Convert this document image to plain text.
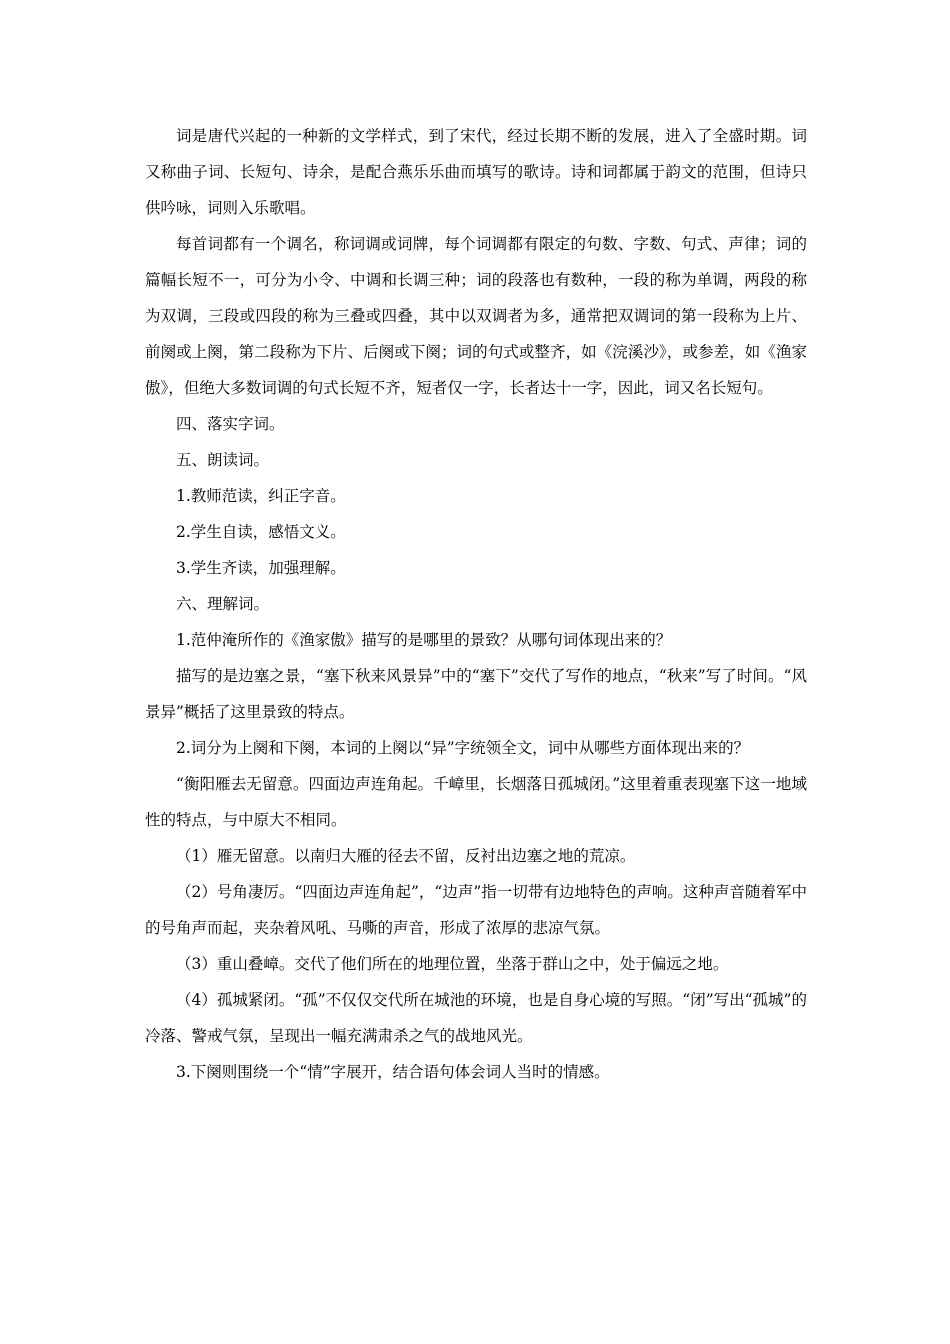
词是唐代兴起的一种新的文学样式，到了宋代，经过长期不断的发展，进入了全盛时期。词又称曲子词、长短句、诗余，是配合燕乐乐曲而填写的歌诗。诗和词都属于韵文的范围，但诗只供吟咏，词则入乐歌唱。

每首词都有一个调名，称词调或词牌，每个词调都有限定的句数、字数、句式、声律；词的篇幅长短不一，可分为小令、中调和长调三种；词的段落也有数种，一段的称为单调，两段的称为双调，三段或四段的称为三叠或四叠，其中以双调者为多，通常把双调词的第一段称为上片、前阕或上阕，第二段称为下片、后阕或下阕；词的句式或整齐，如《浣溪沙》，或参差，如《渔家傲》，但绝大多数词调的句式长短不齐，短者仅一字，长者达十一字，因此，词又名长短句。

四、落实字词。

五、朗读词。

1.教师范读，纠正字音。

2.学生自读，感悟文义。

3.学生齐读，加强理解。

六、理解词。

1.范仲淹所作的《渔家傲》描写的是哪里的景致？从哪句词体现出来的？

描写的是边塞之景，“塞下秋来风景异”中的“塞下”交代了写作的地点，“秋来”写了时间。“风景异”概括了这里景致的特点。

2.词分为上阕和下阕，本词的上阕以“异”字统领全文，词中从哪些方面体现出来的？

“衡阳雁去无留意。四面边声连角起。千嶂里，长烟落日孤城闭。”这里着重表现塞下这一地域性的特点，与中原大不相同。

（1）雁无留意。以南归大雁的径去不留，反衬出边塞之地的荒凉。

（2）号角凄厉。“四面边声连角起”，“边声”指一切带有边地特色的声响。这种声音随着军中的号角声而起，夹杂着风吼、马嘶的声音，形成了浓厚的悲凉气氛。

（3）重山叠嶂。交代了他们所在的地理位置，坐落于群山之中，处于偏远之地。

（4）孤城紧闭。“孤”不仅仅交代所在城池的环境，也是自身心境的写照。“闭”写出“孤城”的冷落、警戒气氛，呈现出一幅充满肃杀之气的战地风光。

3.下阕则围绕一个“情”字展开，结合语句体会词人当时的情感。
